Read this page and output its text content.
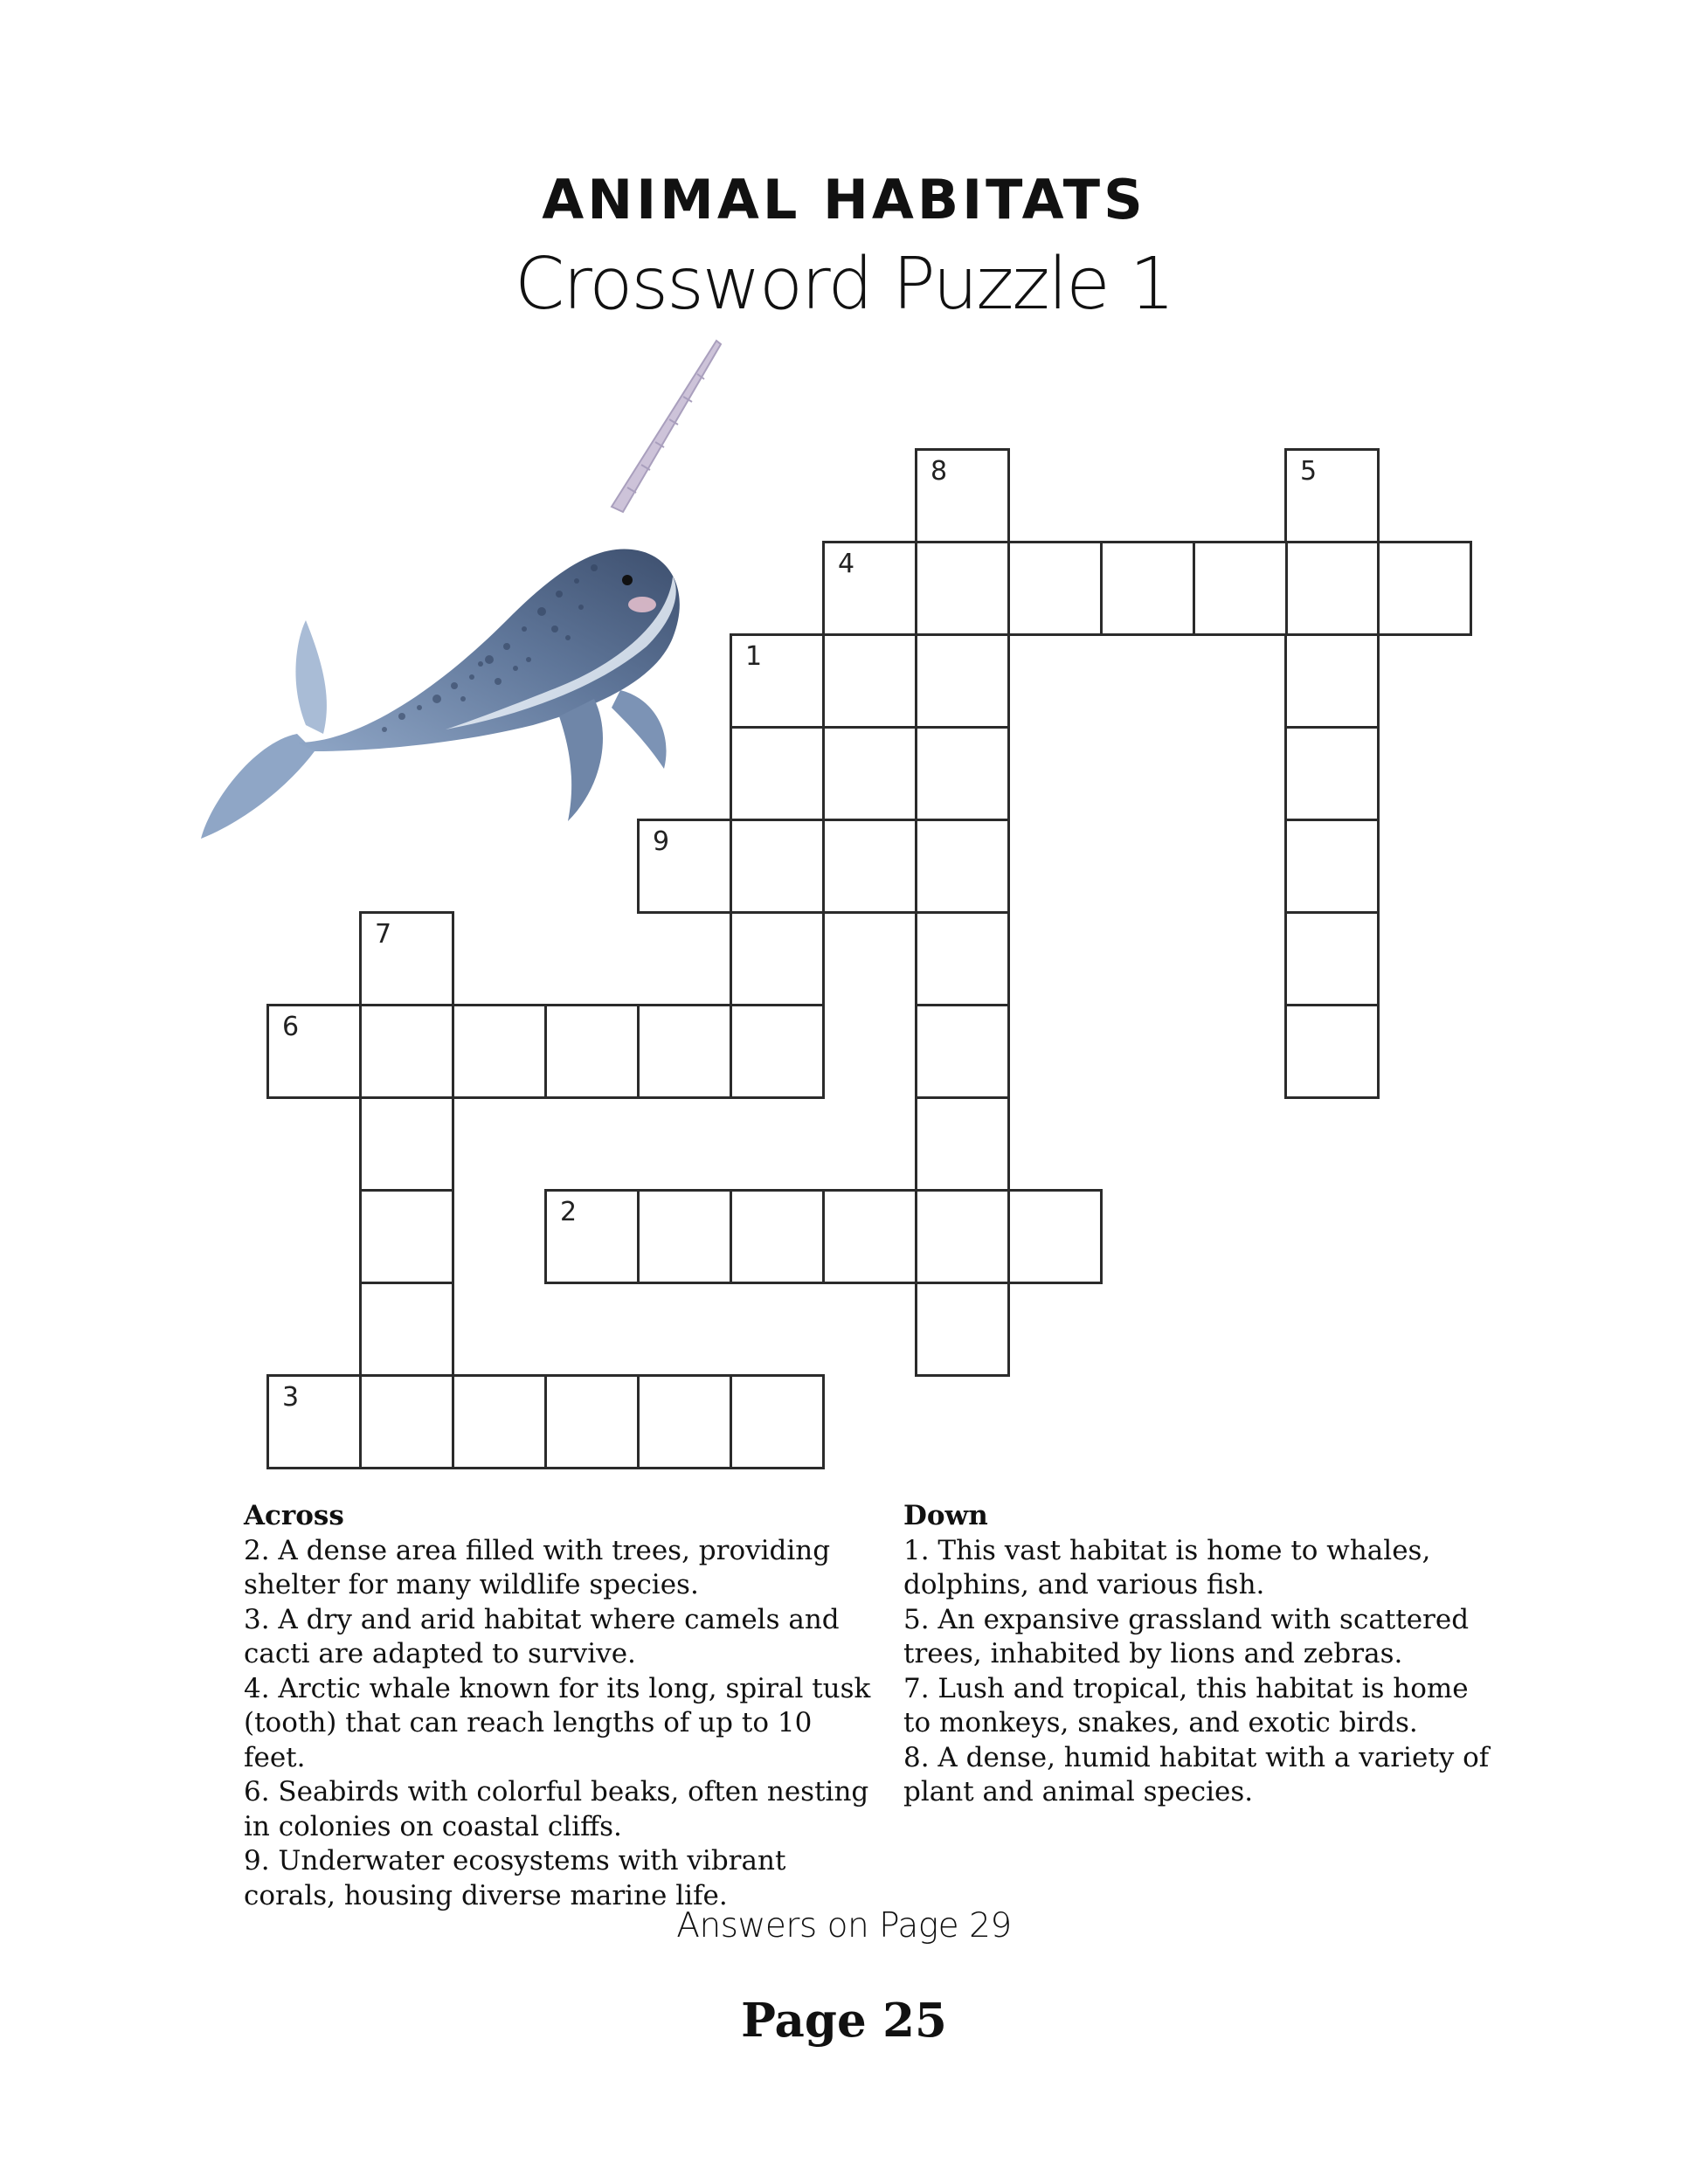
ANIMAL HABITATS
Crossword Puzzle 1
8	5
4
1
9
7
6
2
3
Across

2. A dense area filled with trees, providing shelter for many wildlife species.

3. A dry and arid habitat where camels and cacti are adapted to survive.

4. Arctic whale known for its long, spiral tusk (tooth) that can reach lengths of up to 10 feet.

6. Seabirds with colorful beaks, often nesting in colonies on coastal cliffs.

9. Underwater ecosystems with vibrant corals, housing diverse marine life.

Down

1. This vast habitat is home to whales, dolphins, and various fish.

5. An expansive grassland with scattered trees, inhabited by lions and zebras.

7. Lush and tropical, this habitat is home to monkeys, snakes, and exotic birds.

8. A dense, humid habitat with a variety of plant and animal species.

Answers on Page 29
Page 25
